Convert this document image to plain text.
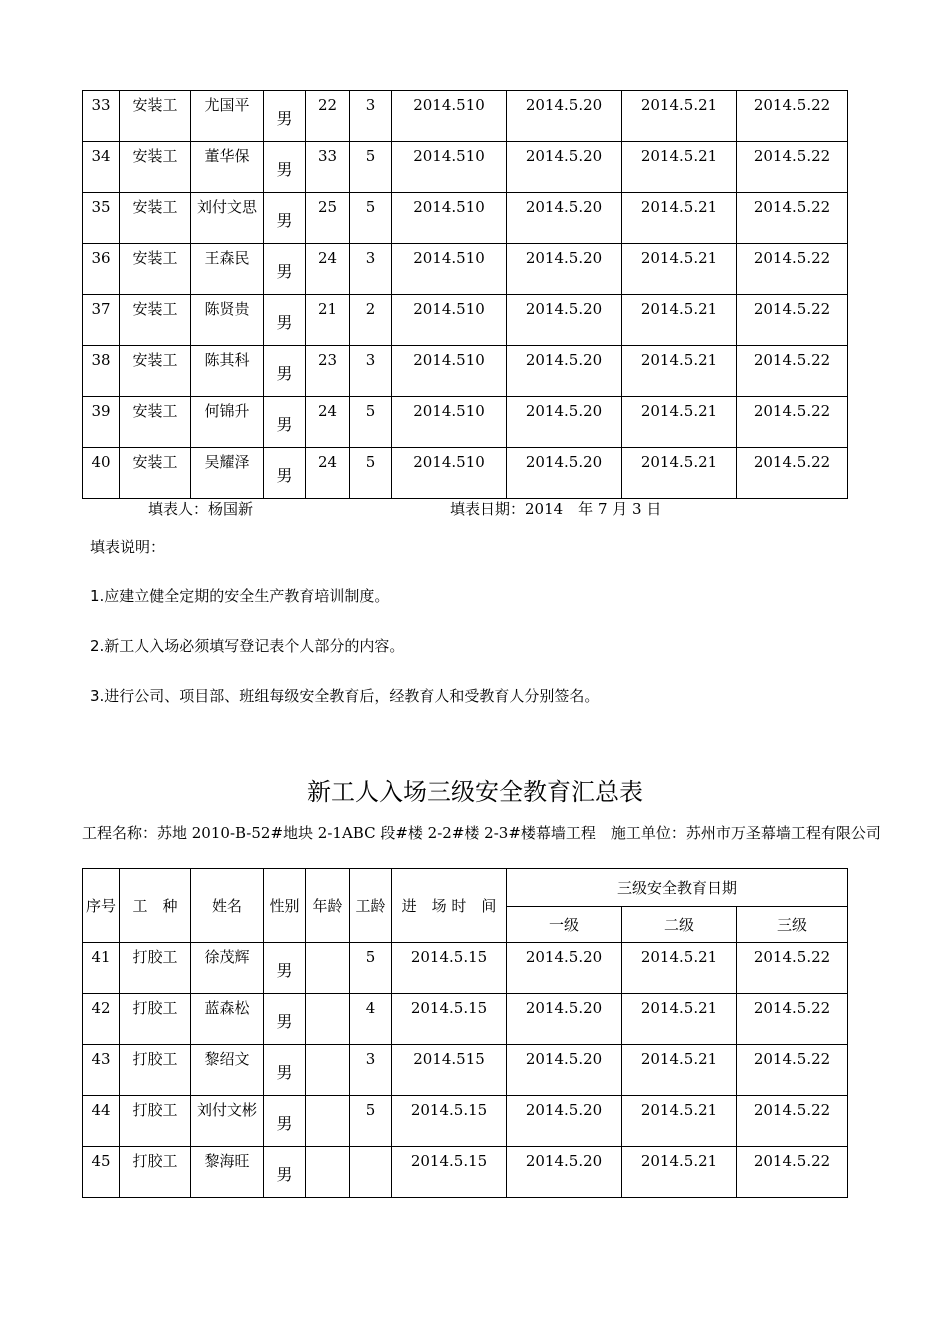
33	安装工	尤国平	男	22	3	2014.510	2014.5.20	2014.5.21	2014.5.22
34	安装工	董华保	男	33	5	2014.510	2014.5.20	2014.5.21	2014.5.22
35	安装工	刘付文思	男	25	5	2014.510	2014.5.20	2014.5.21	2014.5.22
36	安装工	王森民	男	24	3	2014.510	2014.5.20	2014.5.21	2014.5.22
37	安装工	陈贤贵	男	21	2	2014.510	2014.5.20	2014.5.21	2014.5.22
38	安装工	陈其科	男	23	3	2014.510	2014.5.20	2014.5.21	2014.5.22
39	安装工	何锦升	男	24	5	2014.510	2014.5.20	2014.5.21	2014.5.22
40	安装工	吴耀泽	男	24	5	2014.510	2014.5.20	2014.5.21	2014.5.22
填表人：杨国新	填表日期：2014　年 7 月 3 日
填表说明：
1.应建立健全定期的安全生产教育培训制度。
2.新工人入场必须填写登记表个人部分的内容。
3.进行公司、项目部、班组每级安全教育后，经教育人和受教育人分别签名。
新工人入场三级安全教育汇总表
工程名称：苏地 2010-B-52#地块 2-1ABC 段#楼 2-2#楼 2-3#楼幕墙工程　施工单位：苏州市万圣幕墙工程有限公司
序号	工　种	姓名	性别	年龄	工龄	进　场 时　间	三级安全教育日期		
							一级	二级	三级
41	打胶工	徐茂辉	男		5	2014.5.15	2014.5.20	2014.5.21	2014.5.22
42	打胶工	蓝森松	男		4	2014.5.15	2014.5.20	2014.5.21	2014.5.22
43	打胶工	黎绍文	男		3	2014.515	2014.5.20	2014.5.21	2014.5.22
44	打胶工	刘付文彬	男		5	2014.5.15	2014.5.20	2014.5.21	2014.5.22
45	打胶工	黎海旺	男			2014.5.15	2014.5.20	2014.5.21	2014.5.22
